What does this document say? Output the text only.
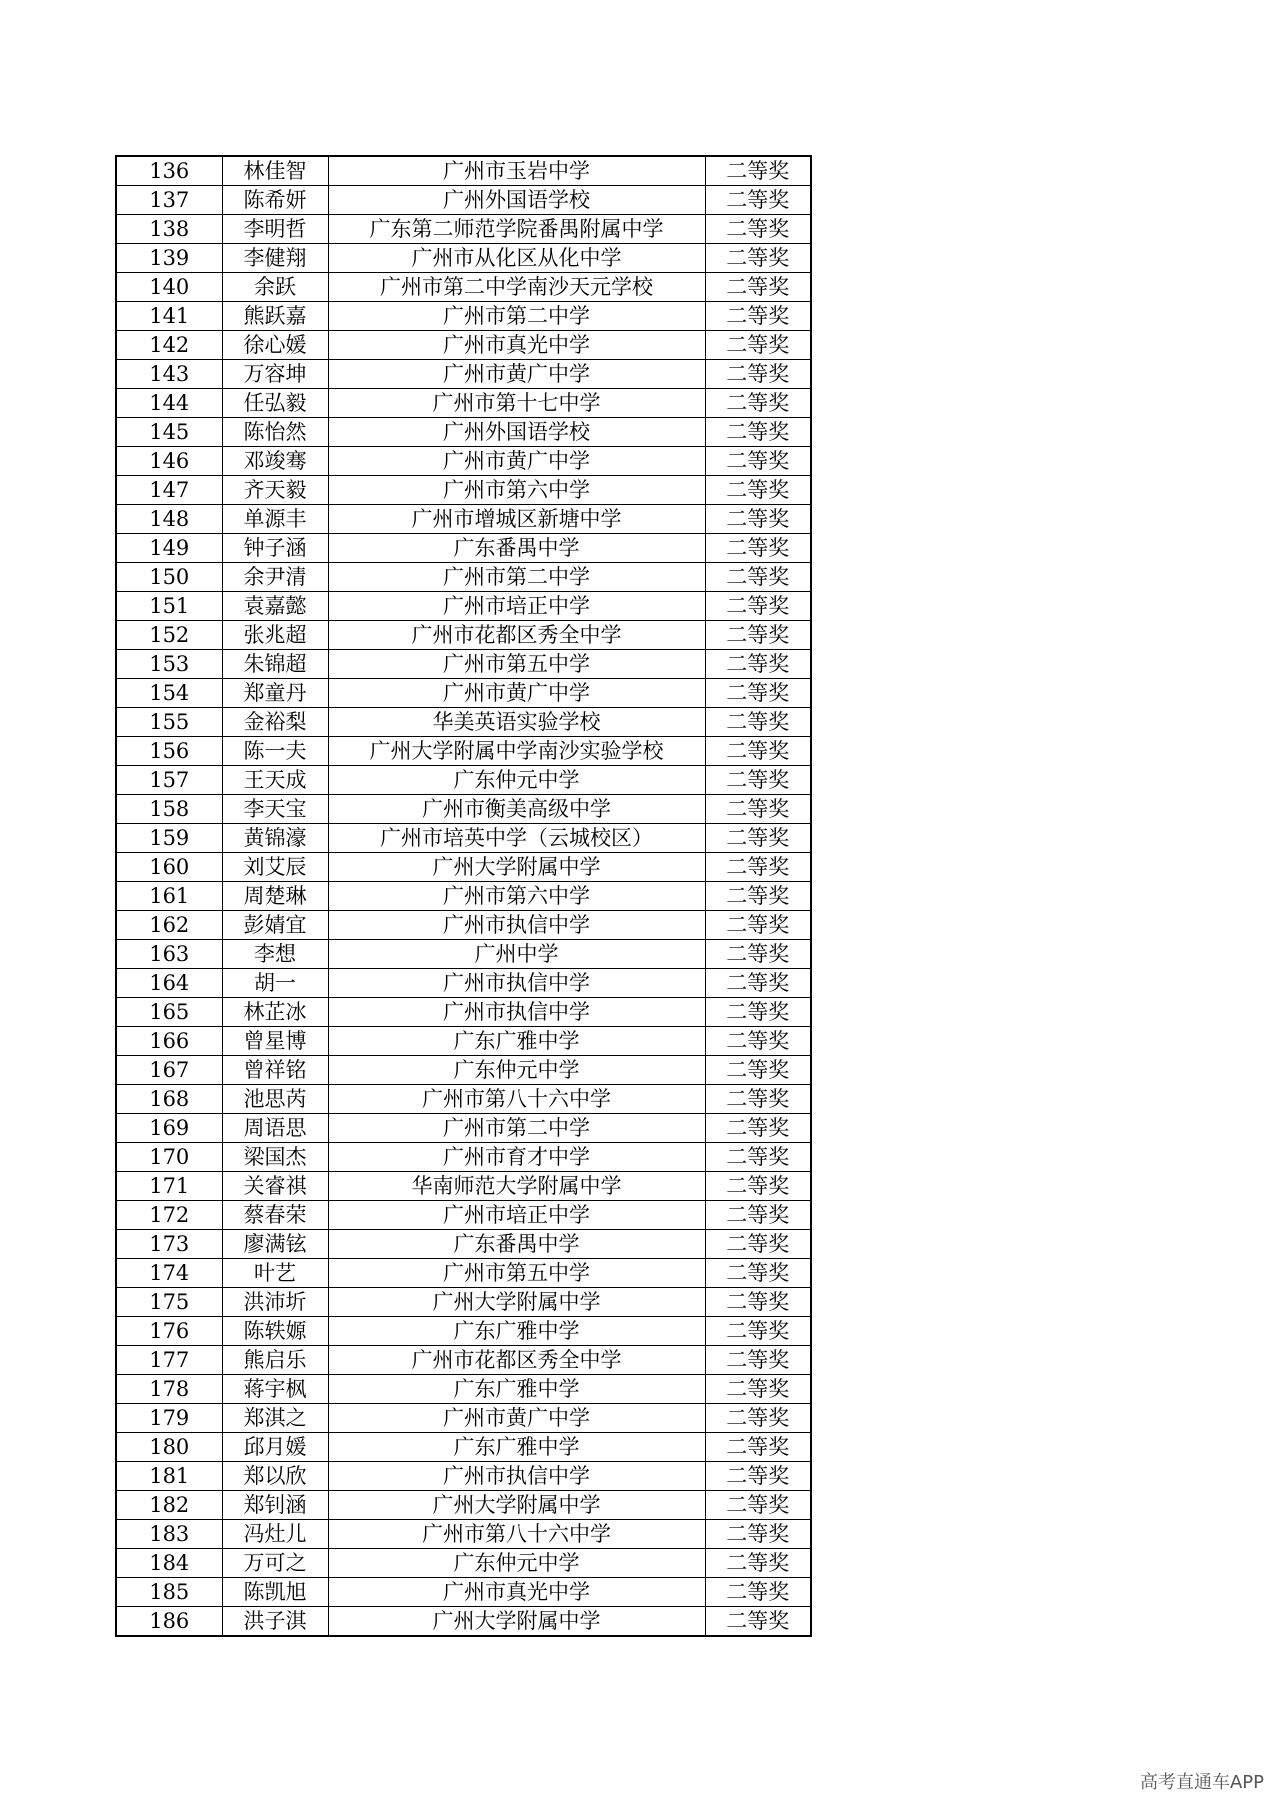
136	林佳智	广州市玉岩中学	二等奖
137	陈希妍	广州外国语学校	二等奖
138	李明哲	广东第二师范学院番禺附属中学	二等奖
139	李健翔	广州市从化区从化中学	二等奖
140	余跃	广州市第二中学南沙天元学校	二等奖
141	熊跃嘉	广州市第二中学	二等奖
142	徐心媛	广州市真光中学	二等奖
143	万容坤	广州市黄广中学	二等奖
144	任弘毅	广州市第十七中学	二等奖
145	陈怡然	广州外国语学校	二等奖
146	邓竣骞	广州市黄广中学	二等奖
147	齐天毅	广州市第六中学	二等奖
148	单源丰	广州市增城区新塘中学	二等奖
149	钟子涵	广东番禺中学	二等奖
150	余尹清	广州市第二中学	二等奖
151	袁嘉懿	广州市培正中学	二等奖
152	张兆超	广州市花都区秀全中学	二等奖
153	朱锦超	广州市第五中学	二等奖
154	郑童丹	广州市黄广中学	二等奖
155	金裕梨	华美英语实验学校	二等奖
156	陈一夫	广州大学附属中学南沙实验学校	二等奖
157	王天成	广东仲元中学	二等奖
158	李天宝	广州市衡美高级中学	二等奖
159	黄锦濠	广州市培英中学（云城校区）	二等奖
160	刘艾辰	广州大学附属中学	二等奖
161	周楚琳	广州市第六中学	二等奖
162	彭婧宜	广州市执信中学	二等奖
163	李想	广州中学	二等奖
164	胡一	广州市执信中学	二等奖
165	林芷冰	广州市执信中学	二等奖
166	曾星博	广东广雅中学	二等奖
167	曾祥铭	广东仲元中学	二等奖
168	池思芮	广州市第八十六中学	二等奖
169	周语思	广州市第二中学	二等奖
170	梁国杰	广州市育才中学	二等奖
171	关睿祺	华南师范大学附属中学	二等奖
172	蔡春荣	广州市培正中学	二等奖
173	廖满铉	广东番禺中学	二等奖
174	叶艺	广州市第五中学	二等奖
175	洪沛圻	广州大学附属中学	二等奖
176	陈轶嫄	广东广雅中学	二等奖
177	熊启乐	广州市花都区秀全中学	二等奖
178	蒋宇枫	广东广雅中学	二等奖
179	郑淇之	广州市黄广中学	二等奖
180	邱月媛	广东广雅中学	二等奖
181	郑以欣	广州市执信中学	二等奖
182	郑钊涵	广州大学附属中学	二等奖
183	冯灶儿	广州市第八十六中学	二等奖
184	万可之	广东仲元中学	二等奖
185	陈凯旭	广州市真光中学	二等奖
186	洪子淇	广州大学附属中学	二等奖
高考直通车APP
